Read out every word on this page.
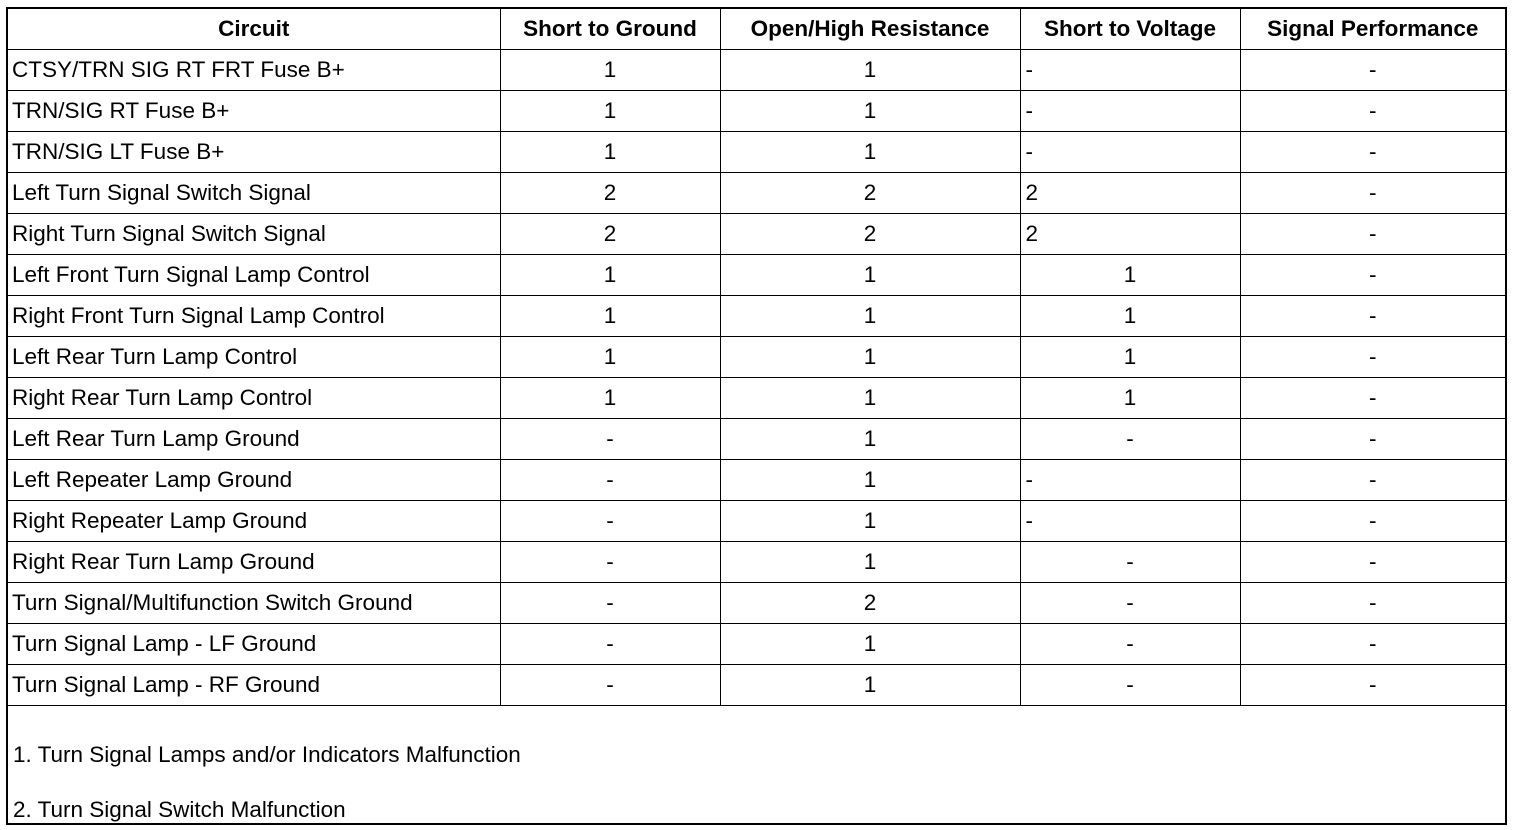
Circuit	Short to Ground	Open/High Resistance	Short to Voltage	Signal Performance
CTSY/TRN SIG RT FRT Fuse B+	1	1	-	-
TRN/SIG RT Fuse B+	1	1	-	-
TRN/SIG LT Fuse B+	1	1	-	-
Left Turn Signal Switch Signal	2	2	2	-
Right Turn Signal Switch Signal	2	2	2	-
Left Front Turn Signal Lamp Control	1	1	1	-
Right Front Turn Signal Lamp Control	1	1	1	-
Left Rear Turn Lamp Control	1	1	1	-
Right Rear Turn Lamp Control	1	1	1	-
Left Rear Turn Lamp Ground	-	1	-	-
Left Repeater Lamp Ground	-	1	-	-
Right Repeater Lamp Ground	-	1	-	-
Right Rear Turn Lamp Ground	-	1	-	-
Turn Signal/Multifunction Switch Ground	-	2	-	-
Turn Signal Lamp - LF Ground	-	1	-	-
Turn Signal Lamp - RF Ground	-	1	-	-
1. Turn Signal Lamps and/or Indicators Malfunction
2. Turn Signal Switch Malfunction
